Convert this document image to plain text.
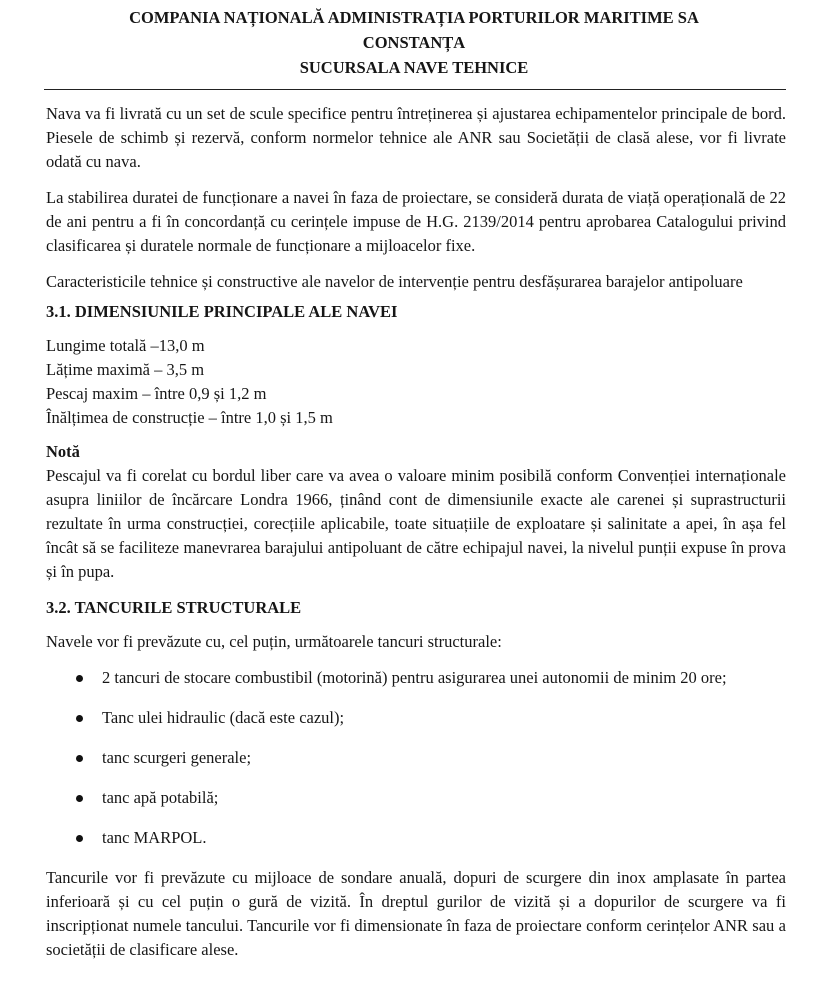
COMPANIA NAȚIONALĂ ADMINISTRAȚIA PORTURILOR MARITIME SA
CONSTANȚA
SUCURSALA NAVE TEHNICE

Nava va fi livrată cu un set de scule specifice pentru întreținerea și ajustarea echipamentelor principale de bord. Piesele de schimb și rezervă, conform normelor tehnice ale ANR sau Societății de clasă alese, vor fi livrate odată cu nava.

La stabilirea duratei de funcționare a navei în faza de proiectare, se consideră durata de viață operațională de 22 de ani pentru a fi în concordanță cu cerințele impuse de H.G. 2139/2014 pentru aprobarea Catalogului privind clasificarea și duratele normale de funcționare a mijloacelor fixe.

Caracteristicile tehnice și constructive ale navelor de intervenție pentru desfășurarea barajelor antipoluare

3.1. DIMENSIUNILE PRINCIPALE ALE NAVEI
Lungime totală –13,0 m
Lățime maximă – 3,5 m
Pescaj maxim – între 0,9 și 1,2 m
Înălțimea de construcție – între 1,0 și 1,5 m
Notă

Pescajul va fi corelat cu bordul liber care va avea o valoare minim posibilă conform Convenției internaționale asupra liniilor de încărcare Londra 1966, ținând cont de dimensiunile exacte ale carenei și suprastructurii rezultate în urma construcției, corecțiile aplicabile, toate situațiile de exploatare și salinitate a apei, în așa fel încât să se faciliteze manevrarea barajului antipoluant de către echipajul navei, la nivelul punții expuse în prova și în pupa.

3.2. TANCURILE STRUCTURALE

Navele vor fi prevăzute cu, cel puțin, următoarele tancuri structurale:

2 tancuri de stocare combustibil (motorină) pentru asigurarea unei autonomii de minim 20 ore;
Tanc ulei hidraulic (dacă este cazul);
tanc scurgeri generale;
tanc apă potabilă;
tanc MARPOL.

Tancurile vor fi prevăzute cu mijloace de sondare anuală, dopuri de scurgere din inox amplasate în partea inferioară și cu cel puțin o gură de vizită. În dreptul gurilor de vizită și a dopurilor de scurgere va fi inscripționat numele tancului. Tancurile vor fi dimensionate în faza de proiectare conform cerințelor ANR sau a societății de clasificare alese.
